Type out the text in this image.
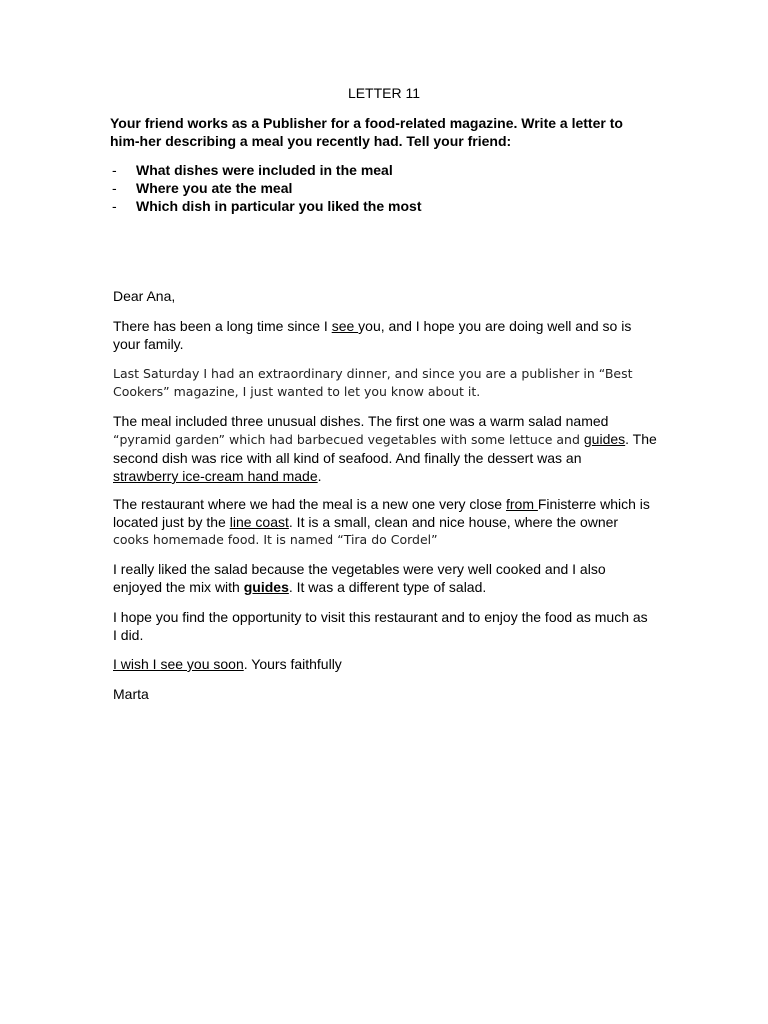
LETTER 11
Your friend works as a Publisher for a food-related magazine. Write a letter to
him-her describing a meal you recently had. Tell your friend:
- What dishes were included in the meal
- Where you ate the meal
- Which dish in particular you liked the most
Dear Ana,
There has been a long time since I see you, and I hope you are doing well and so is
your family.
Last Saturday I had an extraordinary dinner, and since you are a publisher in “Best
Cookers” magazine, I just wanted to let you know about it.
The meal included three unusual dishes. The first one was a warm salad named
“pyramid garden” which had barbecued vegetables with some lettuce and guides. The
second dish was rice with all kind of seafood. And finally the dessert was an
strawberry ice-cream hand made.
The restaurant where we had the meal is a new one very close from Finisterre which is
located just by the line coast. It is a small, clean and nice house, where the owner
cooks homemade food. It is named “Tira do Cordel”
I really liked the salad because the vegetables were very well cooked and I also
enjoyed the mix with guides. It was a different type of salad.
I hope you find the opportunity to visit this restaurant and to enjoy the food as much as
I did.
I wish I see you soon. Yours faithfully
Marta
